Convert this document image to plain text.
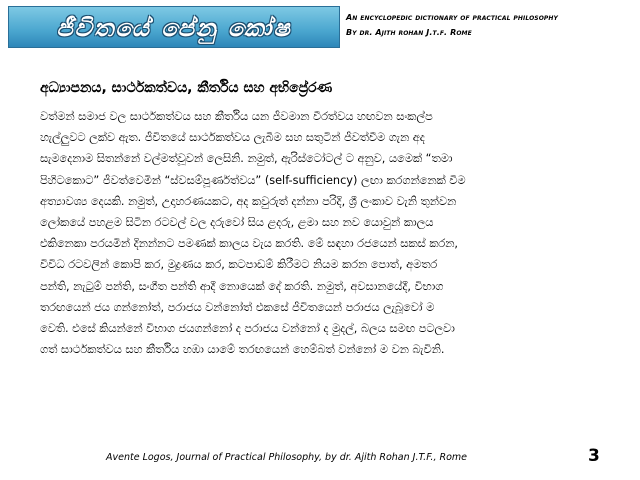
ජීවිතයේ පේනු කෝෂ	An encyclopedic dictionary of practical philosophy
By dr. Ajith rohan J.t.f. Rome
අධ්‍යාපනය, සාර්ථකත්වය, කීර්තිය සහ අභිප්‍රේරණ
වත්මන් සමාජ වල සාර්ථකත්වය සහ කීර්තිය යන ජීවමාන වීරත්වය හඟවන සංකල්ප
හැල්ලුවට ලක්ව ඇත. ජීවිතයේ සාර්ථකත්වය ලැබීම සහ සතුටින් ජීවත්වීම ගැන අද
සැමදෙනාම සිතන්නේ වල්මත්වූවන් ලෙසිනි. නමුත්, ඇරිස්ටෝටල් ට අනුව, යමෙක් “තමා
පිහිටකොට” ජීවත්වෙමින් “ස්වසම්පූර්ණත්වය” (self-sufficiency) ලඟා කරගන්නෙක් වීම
අත්‍යාවශ්‍ය දෙයකි. නමුත්, උදාහරණයකට, අද කවුරුත් දන්නා පරිදි, ශ්‍රී ලංකාව වැනි තුන්වන
ලෝකයේ පහළම සිටින රටවල් වල දරුවෝ සිය ළදරු, ළමා සහ නව යොවුන් කාලය
එකිනෙකා පරයමින් දිනන්නට පමණක් කාලය වැය කරති. මේ සඳහා රජයෙන් සකස් කරන,
විවිධ රටවලින් කොපි කර, මුද්‍රණය කර, කටපාඩම් කිරීමට නියම කරන පොත්, අමතර
පන්ති, නැටුම් පන්ති, සංගීත පන්ති ආදී නොයෙක් දේ කරති. නමුත්, අවසානයේදී, විභාග
තරඟයෙන් ජය ගන්නෝත්, පරාජය වන්නෝත් එකසේ ජීවිතයෙන් පරාජය ලැබූවෝ ම
වෙති. එසේ කියන්නේ විභාග ජයගන්නෝ ද පරාජය වන්නෝ ද මුදල්, බලය සමඟ පටලවා
ගත් සාර්ථකත්වය සහ කීර්තිය හඹා යාමේ තරඟයෙන් හෙම්බත් වන්නෝ ම වන බැවිනි.
Avente Logos, Journal of Practical Philosophy, by dr. Ajith Rohan J.T.F., Rome	3
